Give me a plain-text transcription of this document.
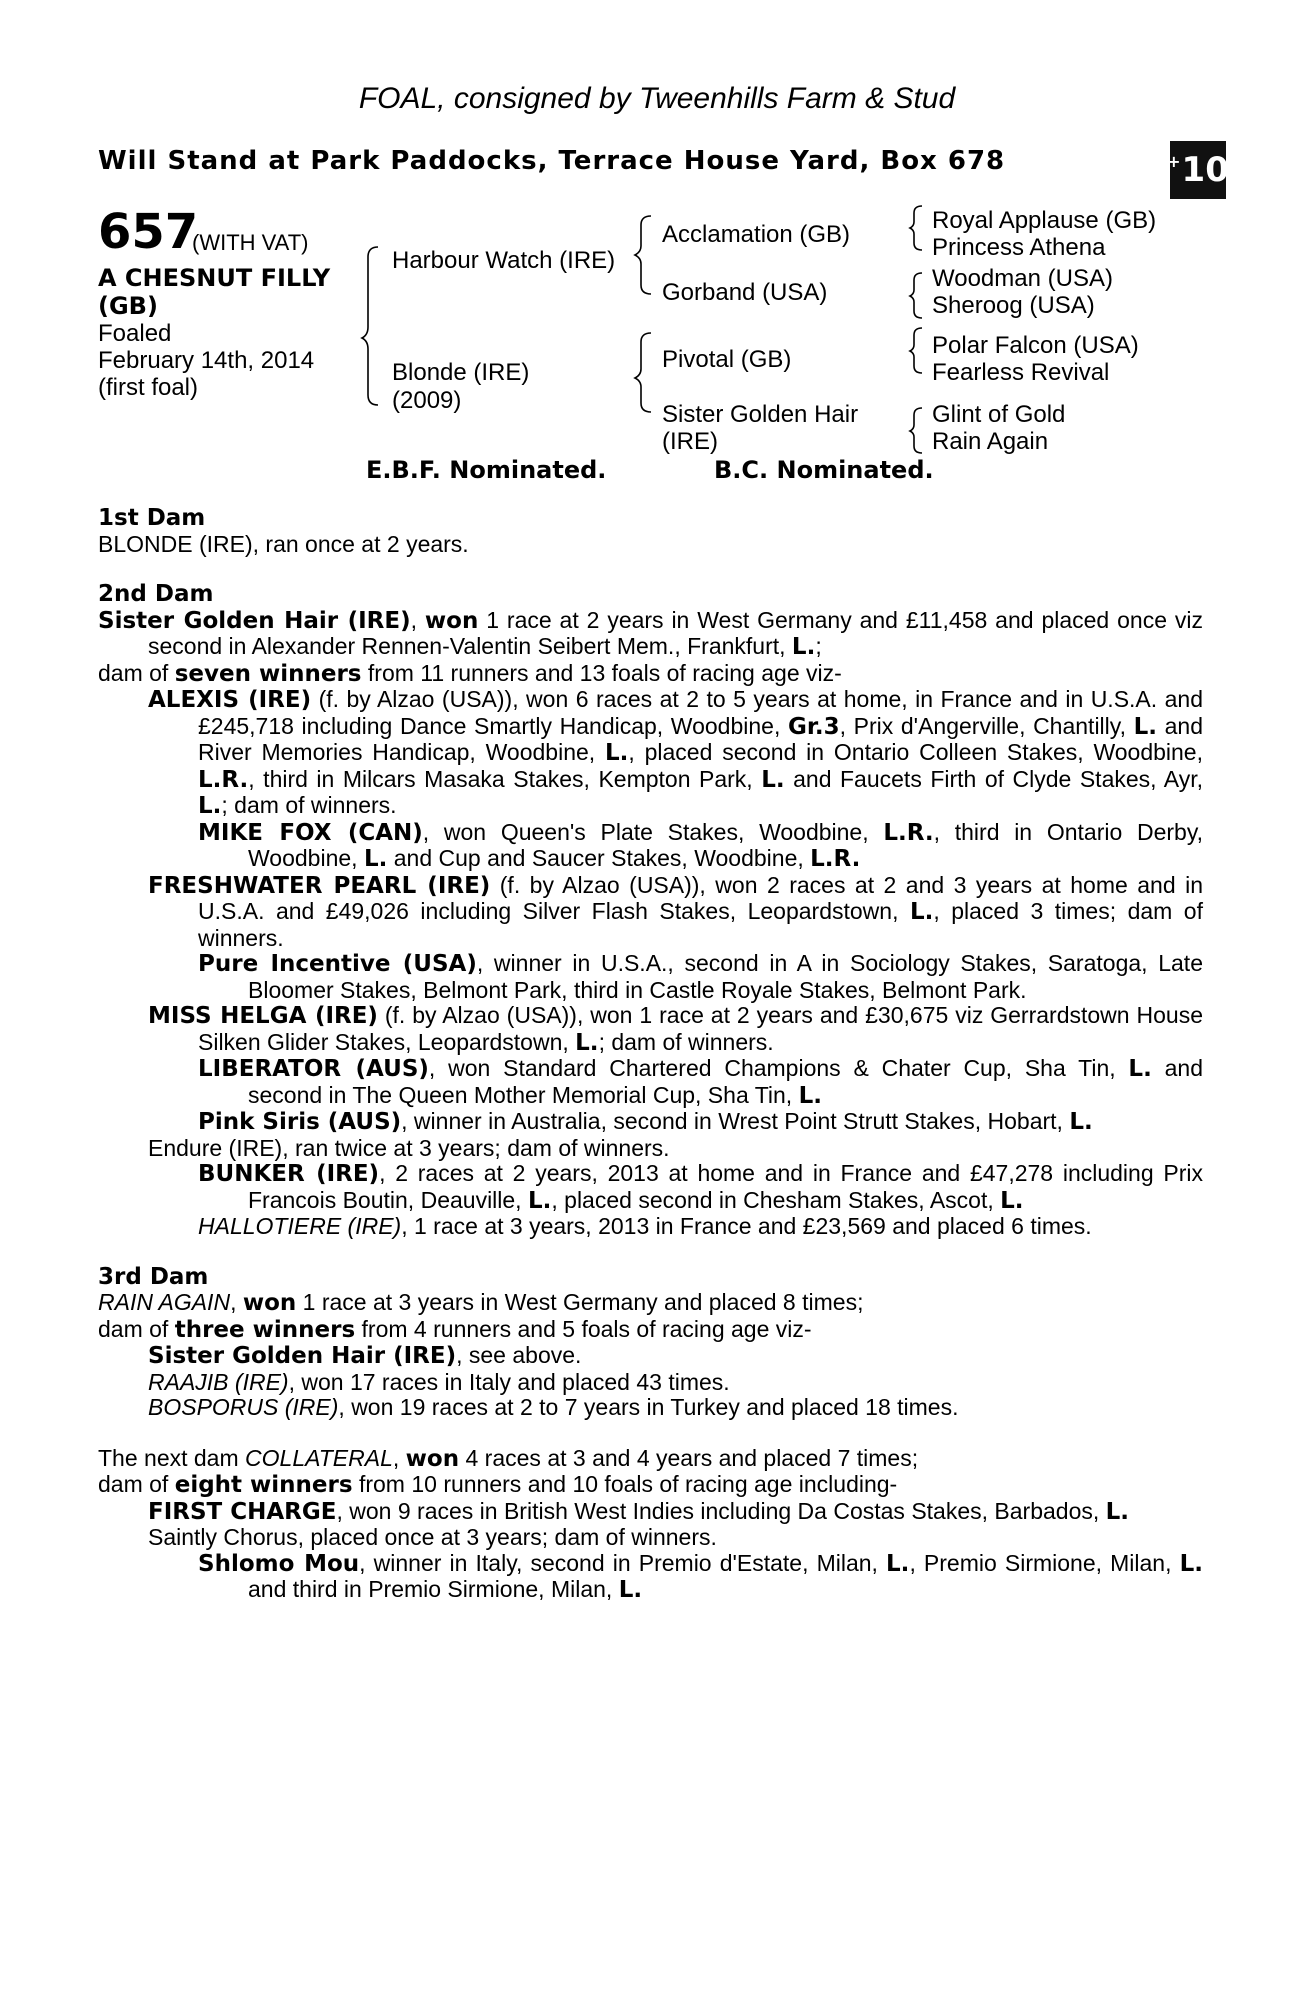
FOAL, consigned by Tweenhills Farm & Stud
Will Stand at Park Paddocks, Terrace House Yard, Box 678	+ 10
657
(WITH VAT)
A CHESNUT FILLY (GB)
Foaled
February 14th, 2014
(first foal)
Harbour Watch (IRE)
Blonde (IRE)
(2009)
Acclamation (GB)
Gorband (USA)
Pivotal (GB)
Sister Golden Hair
(IRE)
Royal Applause (GB)
Princess Athena
Woodman (USA)
Sheroog (USA)
Polar Falcon (USA)
Fearless Revival
Glint of Gold
Rain Again
E.B.F. Nominated.	B.C. Nominated.
1st Dam

BLONDE (IRE), ran once at 2 years.

2nd Dam

Sister Golden Hair (IRE), won 1 race at 2 years in West Germany and £11,458 and placed once viz second in Alexander Rennen-Valentin Seibert Mem., Frankfurt, L.;

dam of seven winners from 11 runners and 13 foals of racing age viz-

ALEXIS (IRE) (f. by Alzao (USA)), won 6 races at 2 to 5 years at home, in France and in U.S.A. and £245,718 including Dance Smartly Handicap, Woodbine, Gr.3, Prix d'Angerville, Chantilly, L. and River Memories Handicap, Woodbine, L., placed second in Ontario Colleen Stakes, Woodbine, L.R., third in Milcars Masaka Stakes, Kempton Park, L. and Faucets Firth of Clyde Stakes, Ayr, L.; dam of winners.

MIKE FOX (CAN), won Queen's Plate Stakes, Woodbine, L.R., third in Ontario Derby, Woodbine, L. and Cup and Saucer Stakes, Woodbine, L.R.

FRESHWATER PEARL (IRE) (f. by Alzao (USA)), won 2 races at 2 and 3 years at home and in U.S.A. and £49,026 including Silver Flash Stakes, Leopardstown, L., placed 3 times; dam of winners.

Pure Incentive (USA), winner in U.S.A., second in A in Sociology Stakes, Saratoga, Late Bloomer Stakes, Belmont Park, third in Castle Royale Stakes, Belmont Park.

MISS HELGA (IRE) (f. by Alzao (USA)), won 1 race at 2 years and £30,675 viz Gerrardstown House Silken Glider Stakes, Leopardstown, L.; dam of winners.

LIBERATOR (AUS), won Standard Chartered Champions & Chater Cup, Sha Tin, L. and second in The Queen Mother Memorial Cup, Sha Tin, L.

Pink Siris (AUS), winner in Australia, second in Wrest Point Strutt Stakes, Hobart, L.

Endure (IRE), ran twice at 3 years; dam of winners.

BUNKER (IRE), 2 races at 2 years, 2013 at home and in France and £47,278 including Prix Francois Boutin, Deauville, L., placed second in Chesham Stakes, Ascot, L.

HALLOTIERE (IRE), 1 race at 3 years, 2013 in France and £23,569 and placed 6 times.

3rd Dam

RAIN AGAIN, won 1 race at 3 years in West Germany and placed 8 times;

dam of three winners from 4 runners and 5 foals of racing age viz-

Sister Golden Hair (IRE), see above.

RAAJIB (IRE), won 17 races in Italy and placed 43 times.

BOSPORUS (IRE), won 19 races at 2 to 7 years in Turkey and placed 18 times.

The next dam COLLATERAL, won 4 races at 3 and 4 years and placed 7 times;

dam of eight winners from 10 runners and 10 foals of racing age including-

FIRST CHARGE, won 9 races in British West Indies including Da Costas Stakes, Barbados, L.

Saintly Chorus, placed once at 3 years; dam of winners.

Shlomo Mou, winner in Italy, second in Premio d'Estate, Milan, L., Premio Sirmione, Milan, L. and third in Premio Sirmione, Milan, L.
